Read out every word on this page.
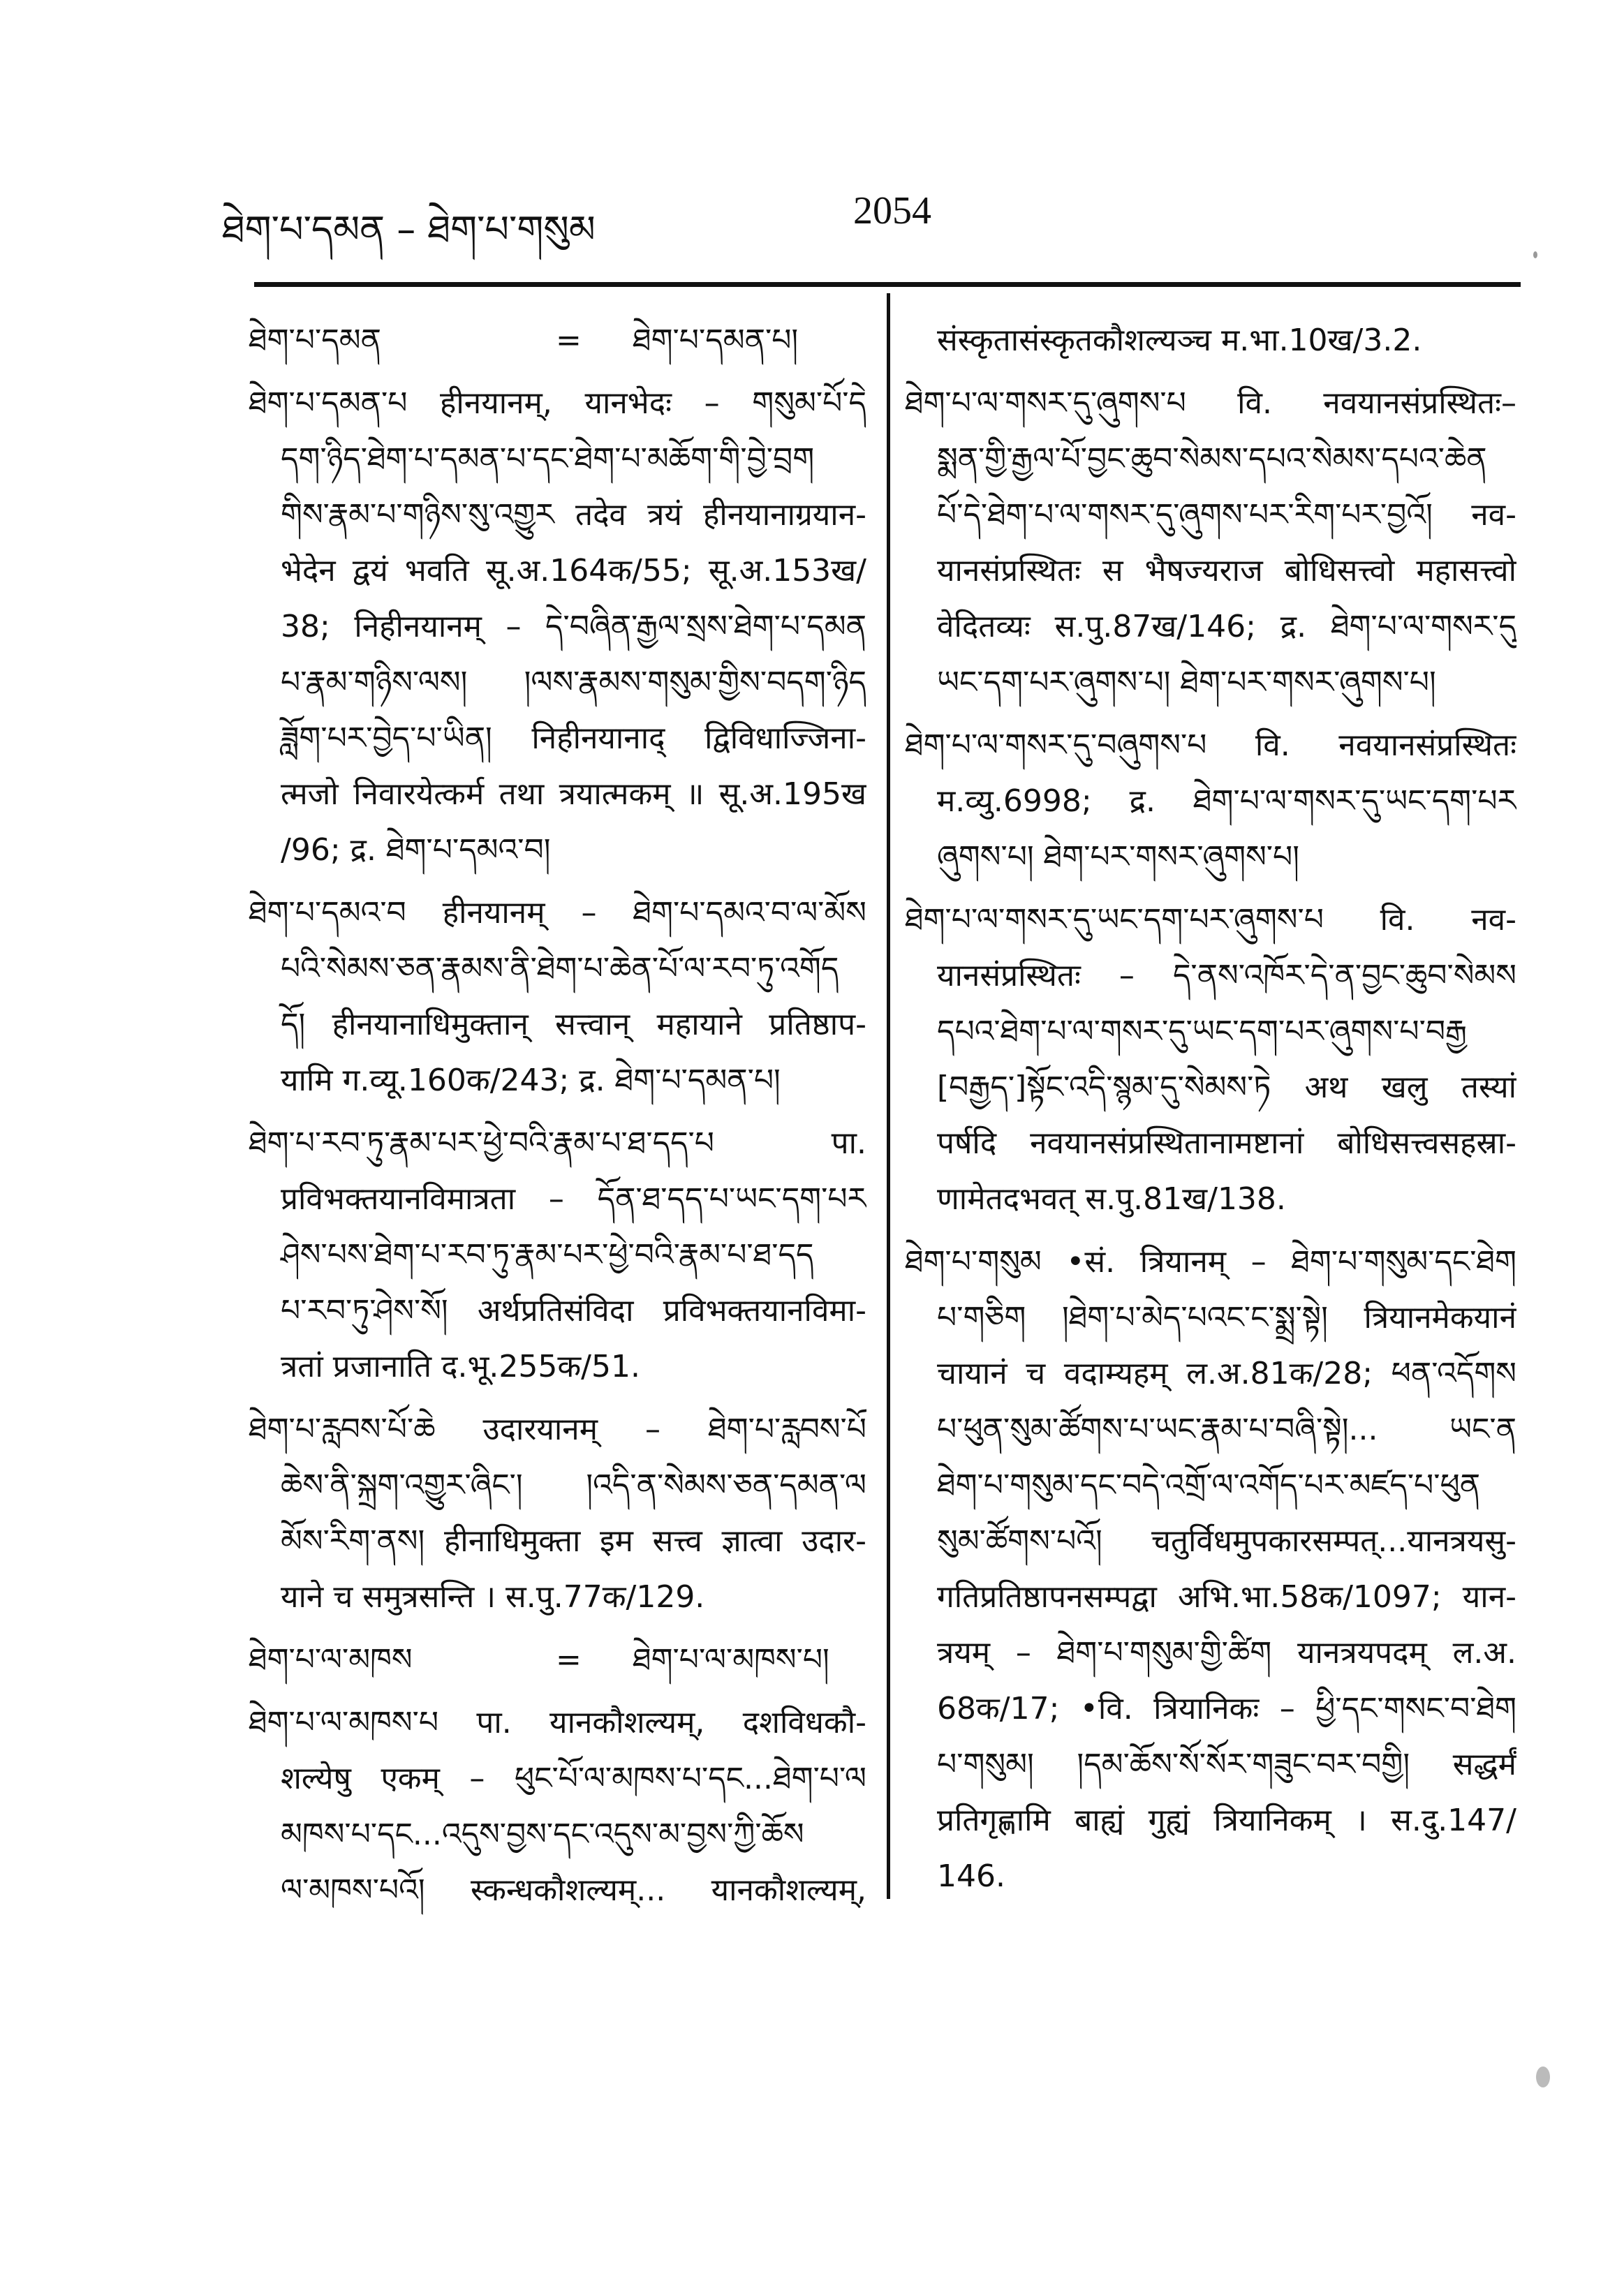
ཐེག་པ་དམན – ཐེག་པ་གསུམ	2054
ཐེག་པ་དམན	=	ཐེག་པ་དམན་པ།
ཐེག་པ་དམན་པ हीनयानम्, यानभेदः – གསུམ་པོ་དེ
དག་ཉིད་ཐེག་པ་དམན་པ་དང་ཐེག་པ་མཆོག་གི་བྱེ་བྲག
གིས་རྣམ་པ་གཉིས་སུ་འགྱུར तदेव त्रयं हीनयानाग्रयान-
भेदेन द्वयं भवति सू.अ.164क/55; सू.अ.153ख/
38; निहीनयानम् – དེ་བཞིན་རྒྱལ་སྲས་ཐེག་པ་དམན
པ་རྣམ་གཉིས་ལས། །ལས་རྣམས་གསུམ་གྱིས་བདག་ཉིད
ཟློག་པར་བྱེད་པ་ཡིན། निहीनयानाद् द्विविधाज्जिना-
त्मजो निवारयेत्कर्म तथा त्रयात्मकम् ॥ सू.अ.195ख
/96; द्र. ཐེག་པ་དམའ་བ།
ཐེག་པ་དམའ་བ हीनयानम् – ཐེག་པ་དམའ་བ་ལ་མོས
པའི་སེམས་ཅན་རྣམས་ནི་ཐེག་པ་ཆེན་པོ་ལ་རབ་ཏུ་འགོད
དོ། हीनयानाधिमुक्तान् सत्त्वान् महायाने प्रतिष्ठाप-
यामि ग.व्यू.160क/243; द्र. ཐེག་པ་དམན་པ།
ཐེག་པ་རབ་ཏུ་རྣམ་པར་ཕྱེ་བའི་རྣམ་པ་ཐ་དད་པ पा.
प्रविभक्तयानविमात्रता – དོན་ཐ་དད་པ་ཡང་དག་པར
ཤེས་པས་ཐེག་པ་རབ་ཏུ་རྣམ་པར་ཕྱེ་བའི་རྣམ་པ་ཐ་དད
པ་རབ་ཏུ་ཤེས་སོ། अर्थप्रतिसंविदा प्रविभक्तयानविमा-
त्रतां प्रजानाति द.भू.255क/51.
ཐེག་པ་རླབས་པོ་ཆེ उदारयानम् – ཐེག་པ་རླབས་པོ
ཆེས་ནི་སྐྲག་འགྱུར་ཞིང་། །འདི་ན་སེམས་ཅན་དམན་ལ
མོས་རིག་ནས། हीनाधिमुक्ता इम सत्त्व ज्ञात्वा उदार-
याने च समुत्रसन्ति । स.पु.77क/129.
ཐེག་པ་ལ་མཁས	=	ཐེག་པ་ལ་མཁས་པ།
ཐེག་པ་ལ་མཁས་པ पा. यानकौशल्यम्, दशविधकौ-
शल्येषु एकम् – ཕུང་པོ་ལ་མཁས་པ་དང...ཐེག་པ་ལ
མཁས་པ་དང...འདུས་བྱས་དང་འདུས་མ་བྱས་ཀྱི་ཆོས
ལ་མཁས་པའོ། स्कन्धकौशल्यम्... यानकौशल्यम्,
संस्कृतासंस्कृतकौशल्यञ्च म.भा.10ख/3.2.
ཐེག་པ་ལ་གསར་དུ་ཞུགས་པ वि. नवयानसंप्रस्थितः–
སྨན་གྱི་རྒྱལ་པོ་བྱང་ཆུབ་སེམས་དཔའ་སེམས་དཔའ་ཆེན
པོ་དེ་ཐེག་པ་ལ་གསར་དུ་ཞུགས་པར་རིག་པར་བྱའོ། नव-
यानसंप्रस्थितः स भैषज्यराज बोधिसत्त्वो महासत्त्वो
वेदितव्यः स.पु.87ख/146; द्र. ཐེག་པ་ལ་གསར་དུ
ཡང་དག་པར་ཞུགས་པ། ཐེག་པར་གསར་ཞུགས་པ།
ཐེག་པ་ལ་གསར་དུ་བཞུགས་པ वि. नवयानसंप्रस्थितः
म.व्यु.6998; द्र. ཐེག་པ་ལ་གསར་དུ་ཡང་དག་པར
ཞུགས་པ། ཐེག་པར་གསར་ཞུགས་པ།
ཐེག་པ་ལ་གསར་དུ་ཡང་དག་པར་ཞུགས་པ वि. नव-
यानसंप्रस्थितः – དེ་ནས་འཁོར་དེ་ན་བྱང་ཆུབ་སེམས
དཔའ་ཐེག་པ་ལ་གསར་དུ་ཡང་དག་པར་ཞུགས་པ་བརྒྱ
[བརྒྱད་]སྟོང་འདི་སྙམ་དུ་སེམས་ཏེ अथ खलु तस्यां
पर्षदि नवयानसंप्रस्थितानामष्टानां बोधिसत्त्वसहस्रा-
णामेतदभवत् स.पु.81ख/138.
ཐེག་པ་གསུམ •सं. त्रियानम् – ཐེག་པ་གསུམ་དང་ཐེག
པ་གཅིག །ཐེག་པ་མེད་པའང་ང་སྨྲ་སྟེ། त्रियानमेकयानं
चायानं च वदाम्यहम् ल.अ.81क/28; ཕན་འདོགས
པ་ཕུན་སུམ་ཚོགས་པ་ཡང་རྣམ་པ་བཞི་སྟེ།... ཡང་ན
ཐེག་པ་གསུམ་དང་བདེ་འགྲོ་ལ་འགོད་པར་མཛད་པ་ཕུན
སུམ་ཚོགས་པའོ། चतुर्विधमुपकारसम्पत्...यानत्रयसु-
गतिप्रतिष्ठापनसम्पद्वा अभि.भा.58क/1097; यान-
त्रयम् – ཐེག་པ་གསུམ་གྱི་ཚིག यानत्रयपदम् ल.अ.
68क/17; •वि. त्रियानिकः – ཕྱི་དང་གསང་བ་ཐེག
པ་གསུམ། །དམ་ཆོས་སོ་སོར་གཟུང་བར་བགྱི། सद्धर्मं
प्रतिगृह्णामि बाह्यं गुह्यं त्रियानिकम् । स.दु.147/
146.
